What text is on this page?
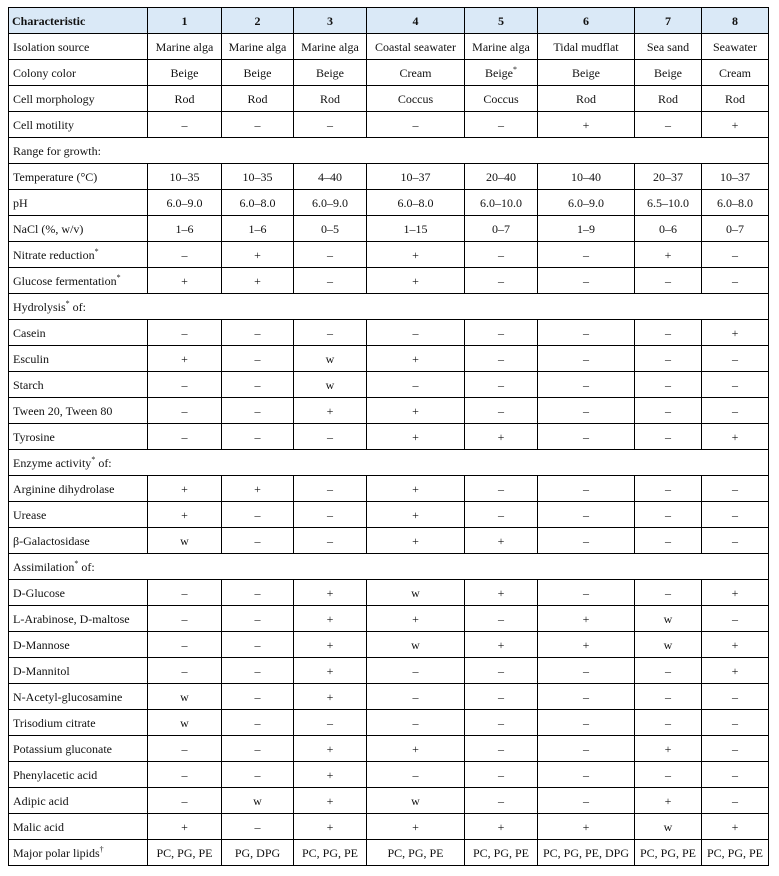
Characteristic	1	2	3	4	5	6	7	8
Isolation source	Marine alga	Marine alga	Marine alga	Coastal seawater	Marine alga	Tidal mudflat	Sea sand	Seawater
Colony color	Beige	Beige	Beige	Cream	Beige*	Beige	Beige	Cream
Cell morphology	Rod	Rod	Rod	Coccus	Coccus	Rod	Rod	Rod
Cell motility	–	–	–	–	–	+	–	+
Range for growth:								
Temperature (°C)	10–35	10–35	4–40	10–37	20–40	10–40	20–37	10–37
pH	6.0–9.0	6.0–8.0	6.0–9.0	6.0–8.0	6.0–10.0	6.0–9.0	6.5–10.0	6.0–8.0
NaCl (%, w/v)	1–6	1–6	0–5	1–15	0–7	1–9	0–6	0–7
Nitrate reduction*	–	+	–	+	–	–	+	–
Glucose fermentation*	+	+	–	+	–	–	–	–
Hydrolysis* of:								
Casein	–	–	–	–	–	–	–	+
Esculin	+	–	w	+	–	–	–	–
Starch	–	–	w	–	–	–	–	–
Tween 20, Tween 80	–	–	+	+	–	–	–	–
Tyrosine	–	–	–	+	+	–	–	+
Enzyme activity* of:								
Arginine dihydrolase	+	+	–	+	–	–	–	–
Urease	+	–	–	+	–	–	–	–
β-Galactosidase	w	–	–	+	+	–	–	–
Assimilation* of:								
D-Glucose	–	–	+	w	+	–	–	+
L-Arabinose, D-maltose	–	–	+	+	–	+	w	–
D-Mannose	–	–	+	w	+	+	w	+
D-Mannitol	–	–	+	–	–	–	–	+
N-Acetyl-glucosamine	w	–	+	–	–	–	–	–
Trisodium citrate	w	–	–	–	–	–	–	–
Potassium gluconate	–	–	+	+	–	–	+	–
Phenylacetic acid	–	–	+	–	–	–	–	–
Adipic acid	–	w	+	w	–	–	+	–
Malic acid	+	–	+	+	+	+	w	+
Major polar lipids†	PC, PG, PE	PG, DPG	PC, PG, PE	PC, PG, PE	PC, PG, PE	PC, PG, PE, DPG	PC, PG, PE	PC, PG, PE
